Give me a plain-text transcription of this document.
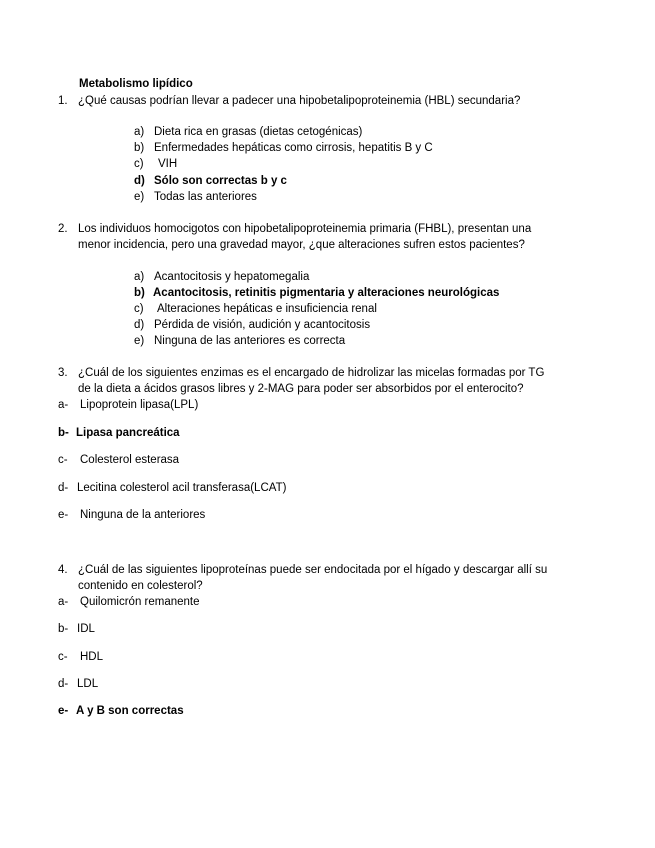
Metabolismo lipídico
1. ¿Qué causas podrían llevar a padecer una hipobetalipoproteinemia (HBL) secundaria?
a) Dieta rica en grasas (dietas cetogénicas)
b) Enfermedades hepáticas como cirrosis, hepatitis B y C
c) VIH
d) Sólo son correctas b y c
e) Todas las anteriores
2. Los individuos homocigotos con hipobetalipoproteinemia primaria (FHBL), presentan una
menor incidencia, pero una gravedad mayor, ¿que alteraciones sufren estos pacientes?
a) Acantocitosis y hepatomegalia
b) Acantocitosis, retinitis pigmentaria y alteraciones neurológicas
c) Alteraciones hepáticas e insuficiencia renal
d) Pérdida de visión, audición y acantocitosis
e) Ninguna de las anteriores es correcta
3. ¿Cuál de los siguientes enzimas es el encargado de hidrolizar las micelas formadas por TG
de la dieta a ácidos grasos libres y 2-MAG para poder ser absorbidos por el enterocito?
a- Lipoprotein lipasa(LPL)
b- Lipasa pancreática
c- Colesterol esterasa
d- Lecitina colesterol acil transferasa(LCAT)
e- Ninguna de la anteriores
4. ¿Cuál de las siguientes lipoproteínas puede ser endocitada por el hígado y descargar allí su
contenido en colesterol?
a- Quilomicrón remanente
b- IDL
c- HDL
d- LDL
e- A y B son correctas
